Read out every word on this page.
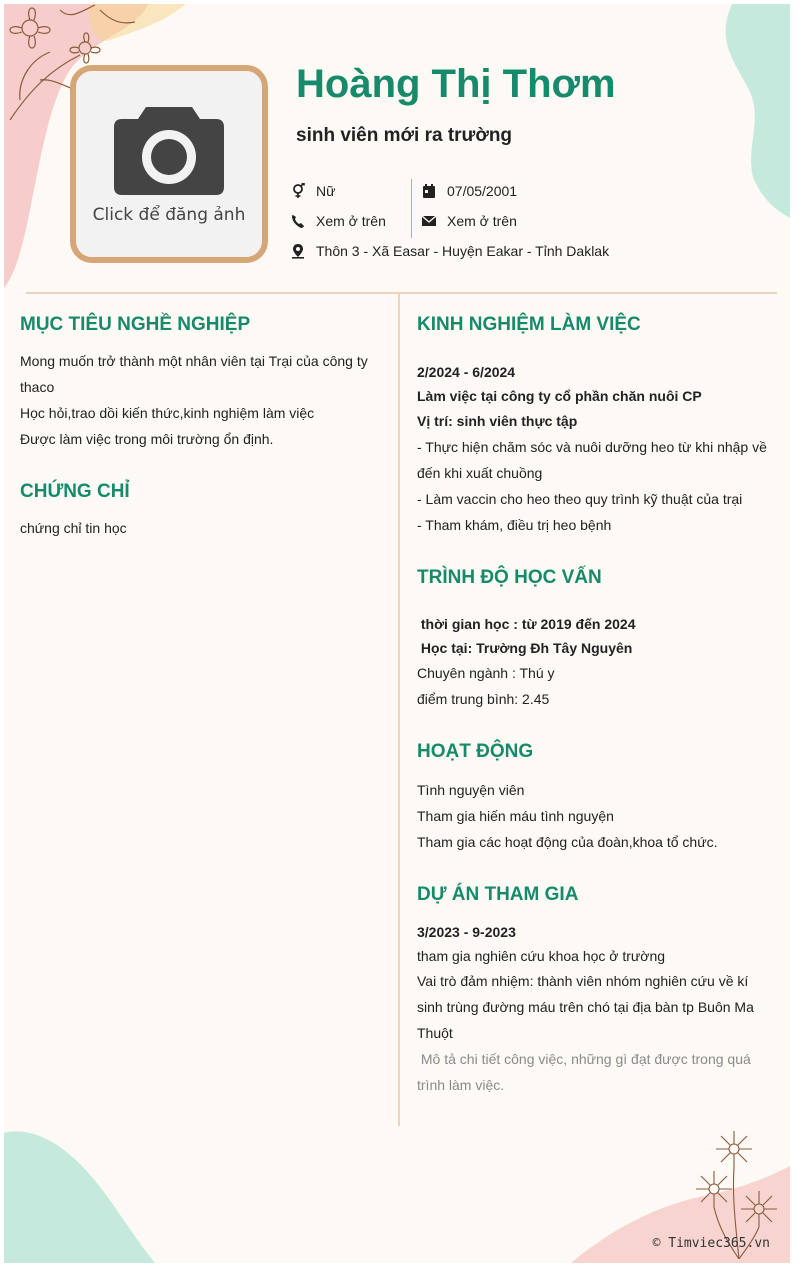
Click để đăng ảnh
Hoàng Thị Thơm
sinh viên mới ra trường
Nữ
Xem ở trên
Thôn 3 - Xã Easar - Huyện Eakar - Tỉnh Daklak
07/05/2001
Xem ở trên
MỤC TIÊU NGHỀ NGHIỆP
Mong muốn trở thành một nhân viên tại Trại của công ty
thaco
Học hỏi,trao dồi kiến thức,kinh nghiệm làm việc
Được làm việc trong môi trường ổn định.
CHỨNG CHỈ
chứng chỉ tin học
KINH NGHIỆM LÀM VIỆC
2/2024 - 6/2024
Làm việc tại công ty cổ phần chăn nuôi CP
Vị trí: sinh viên thực tập
- Thực hiện chăm sóc và nuôi dưỡng heo từ khi nhập về
đến khi xuất chuồng
- Làm vaccin cho heo theo quy trình kỹ thuật của trại
- Tham khám, điều trị heo bệnh
TRÌNH ĐỘ HỌC VẤN
thời gian học : từ 2019 đến 2024
Học tại: Trường Đh Tây Nguyên
Chuyên ngành : Thú y
điểm trung bình: 2.45
HOẠT ĐỘNG
Tình nguyện viên
Tham gia hiến máu tình nguyện
Tham gia các hoạt động của đoàn,khoa tổ chức.
DỰ ÁN THAM GIA
3/2023 - 9-2023
tham gia nghiên cứu khoa học ở trường
Vai trò đảm nhiệm: thành viên nhóm nghiên cứu về kí
sinh trùng đường máu trên chó tại địa bàn tp Buôn Ma
Thuột
Mô tả chi tiết công việc, những gì đạt được trong quá
trình làm việc.
© Timviec365.vn
